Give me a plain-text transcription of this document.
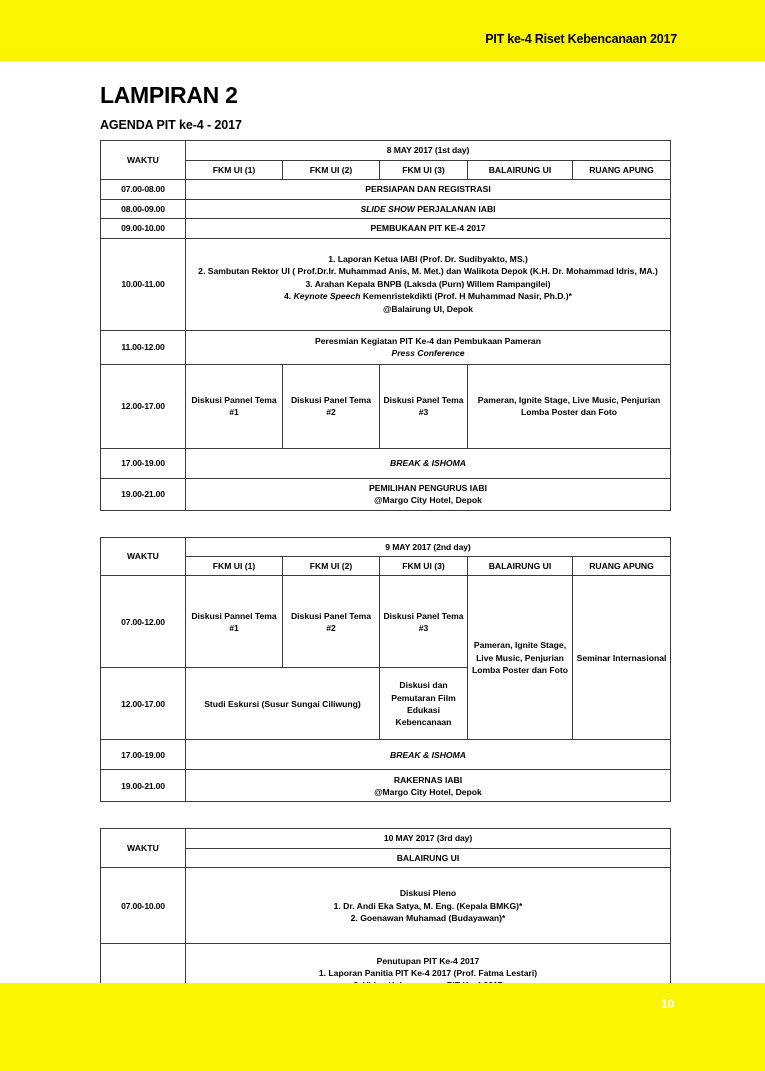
PIT ke-4 Riset Kebencanaan 2017
LAMPIRAN 2
AGENDA PIT ke-4 - 2017
WAKTU	8 MAY 2017 (1st day)				
	FKM UI (1)	FKM UI (2)	FKM UI (3)	BALAIRUNG UI	RUANG APUNG
07.00-08.00	PERSIAPAN DAN REGISTRASI				
08.00-09.00	SLIDE SHOW PERJALANAN IABI				
09.00-10.00	PEMBUKAAN PIT KE-4 2017				
10.00-11.00	1. Laporan Ketua IABI (Prof. Dr. Sudibyakto, MS.)
2. Sambutan Rektor UI ( Prof.Dr.Ir. Muhammad Anis, M. Met.) dan Walikota Depok (K.H. Dr. Mohammad Idris, MA.)
3. Arahan Kepala BNPB (Laksda (Purn) Willem Rampangilei)
4. Keynote Speech Kemenristekdikti (Prof. H Muhammad Nasir, Ph.D.)*
@Balairung UI, Depok				

11.00-12.00	Peresmian Kegiatan PIT Ke-4 dan Pembukaan Pameran
Press Conference				

12.00-17.00	Diskusi Pannel Tema #1	Diskusi Panel Tema #2	Diskusi Panel Tema #3	Pameran, Ignite Stage, Live Music, Penjurian Lomba Poster dan Foto	
17.00-19.00	BREAK & ISHOMA				
19.00-21.00	PEMILIHAN PENGURUS IABI
@Margo City Hotel, Depok				
WAKTU	9 MAY 2017 (2nd day)				
	FKM UI (1)	FKM UI (2)	FKM UI (3)	BALAIRUNG UI	RUANG APUNG
07.00-12.00	Diskusi Pannel Tema #1	Diskusi Panel Tema #2	Diskusi Panel Tema #3	Pameran, Ignite Stage, Live Music, Penjurian Lomba Poster dan Foto	Seminar Internasional
12.00-17.00	Studi Eskursi (Susur Sungai Ciliwung)		Diskusi dan Pemutaran Film Edukasi Kebencanaan		
17.00-19.00	BREAK & ISHOMA				
19.00-21.00	RAKERNAS IABI
@Margo City Hotel, Depok				
WAKTU	10 MAY 2017 (3rd day)
	BALAIRUNG UI
07.00-10.00	Diskusi Pleno
1. Dr. Andi Eka Satya, M. Eng. (Kepala BMKG)*
2. Goenawan Muhamad (Budayawan)*

Penutupan PIT Ke-4 2017
1. Laporan Panitia PIT Ke-4 2017 (Prof. Fatma Lestari)
10
